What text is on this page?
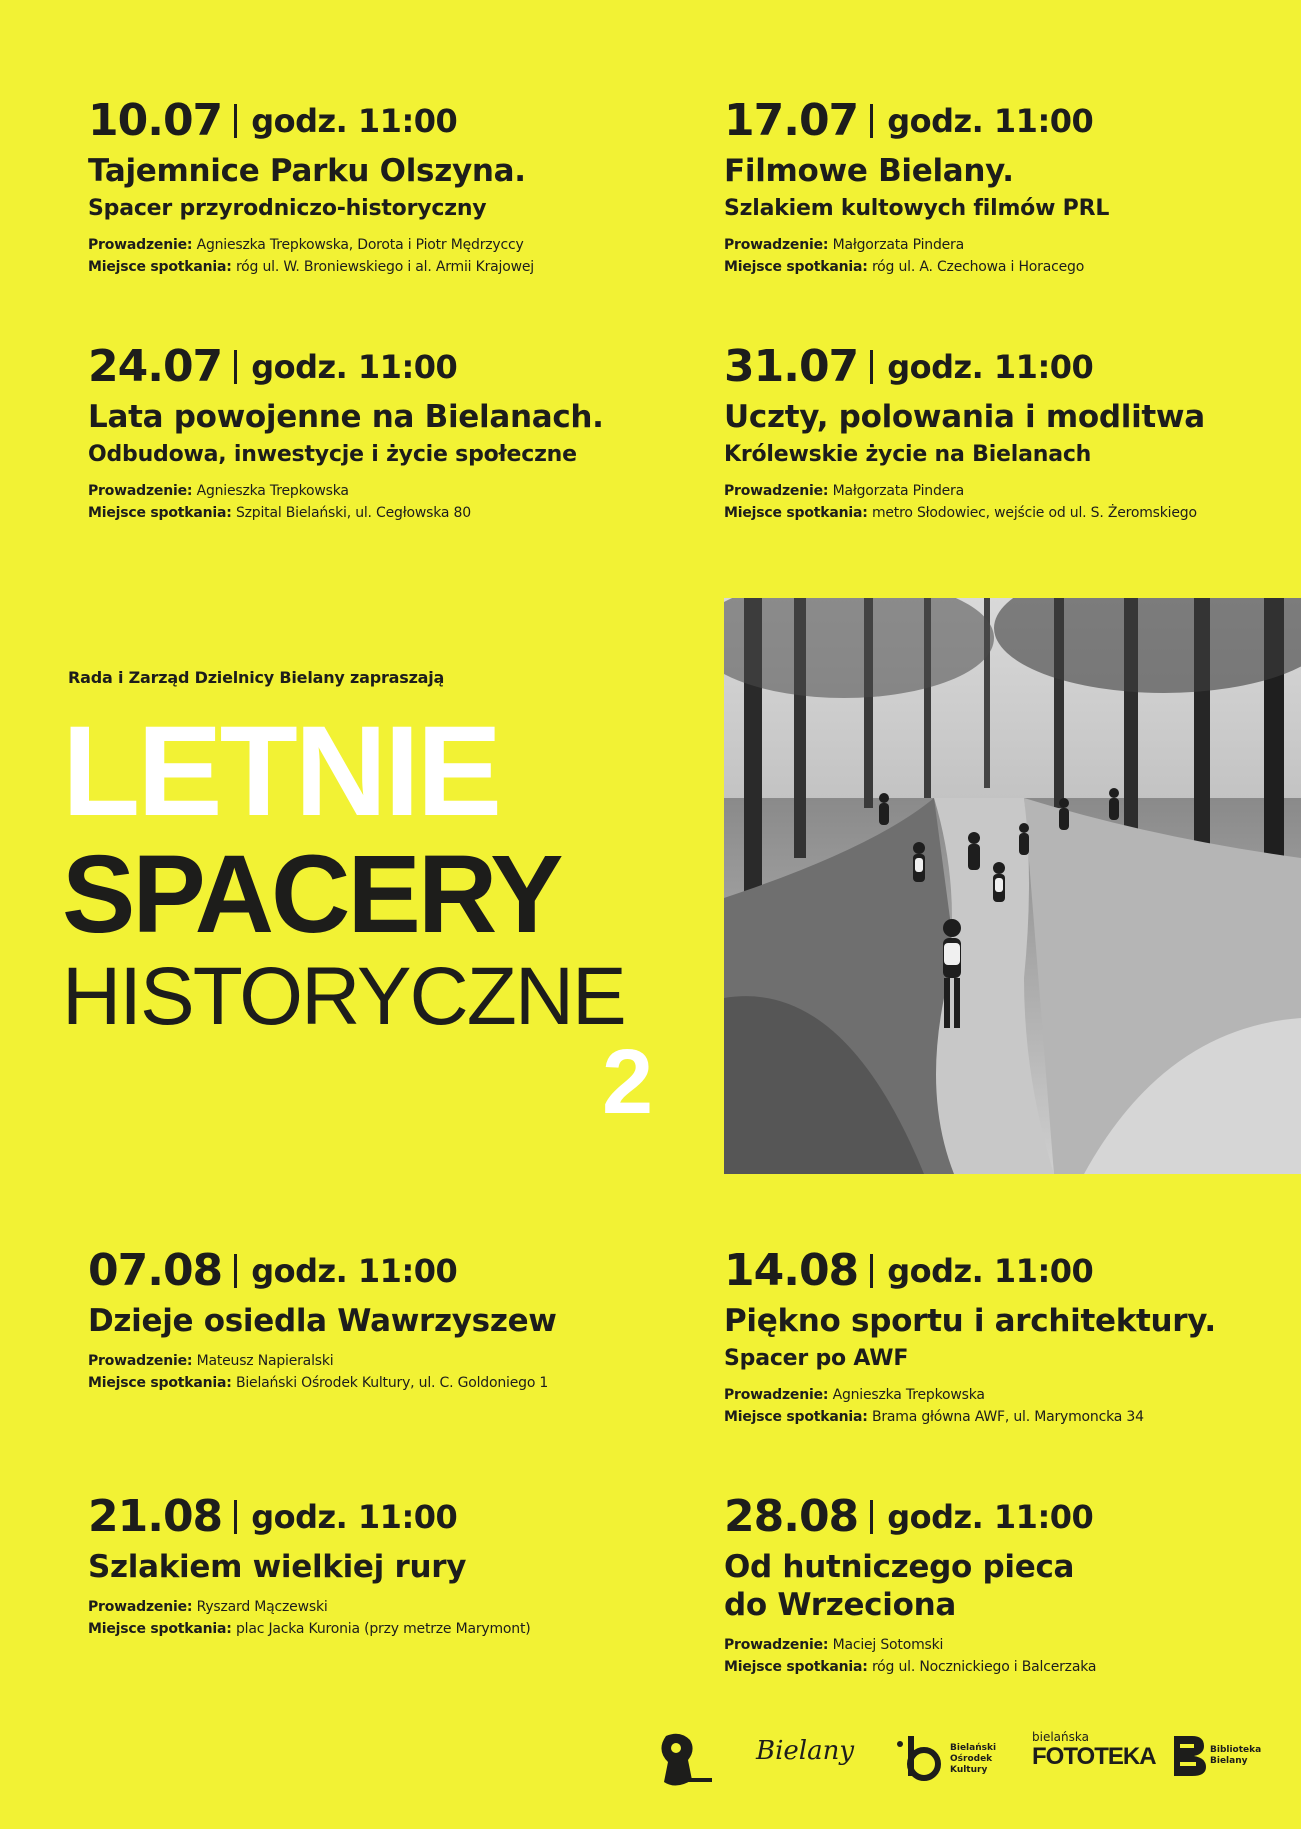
10.07 godz. 11:00
Tajemnice Parku Olszyna.
Spacer przyrodniczo-historyczny
Prowadzenie: Agnieszka Trepkowska, Dorota i Piotr Mędrzyccy
Miejsce spotkania: róg ul. W. Broniewskiego i al. Armii Krajowej
17.07 godz. 11:00
Filmowe Bielany.
Szlakiem kultowych filmów PRL
Prowadzenie: Małgorzata Pindera
Miejsce spotkania: róg ul. A. Czechowa i Horacego
24.07 godz. 11:00
Lata powojenne na Bielanach.
Odbudowa, inwestycje i życie społeczne
Prowadzenie: Agnieszka Trepkowska
Miejsce spotkania: Szpital Bielański, ul. Cegłowska 80
31.07 godz. 11:00
Uczty, polowania i modlitwa
Królewskie życie na Bielanach
Prowadzenie: Małgorzata Pindera
Miejsce spotkania: metro Słodowiec, wejście od ul. S. Żeromskiego
Rada i Zarząd Dzielnicy Bielany zapraszają
LETNIE
SPACERY
HISTORYCZNE
2
07.08 godz. 11:00
Dzieje osiedla Wawrzyszew
Prowadzenie: Mateusz Napieralski
Miejsce spotkania: Bielański Ośrodek Kultury, ul. C. Goldoniego 1
14.08 godz. 11:00
Piękno sportu i architektury.
Spacer po AWF
Prowadzenie: Agnieszka Trepkowska
Miejsce spotkania: Brama główna AWF, ul. Marymoncka 34
21.08 godz. 11:00
Szlakiem wielkiej rury
Prowadzenie: Ryszard Mączewski
Miejsce spotkania: plac Jacka Kuronia (przy metrze Marymont)
28.08 godz. 11:00
Od hutniczego pieca
do Wrzeciona
Prowadzenie: Maciej Sotomski
Miejsce spotkania: róg ul. Nocznickiego i Balcerzaka
Bielany	Bielański Ośrodek Kultury
bielańska
FOTOTEKA	Biblioteka Bielany
